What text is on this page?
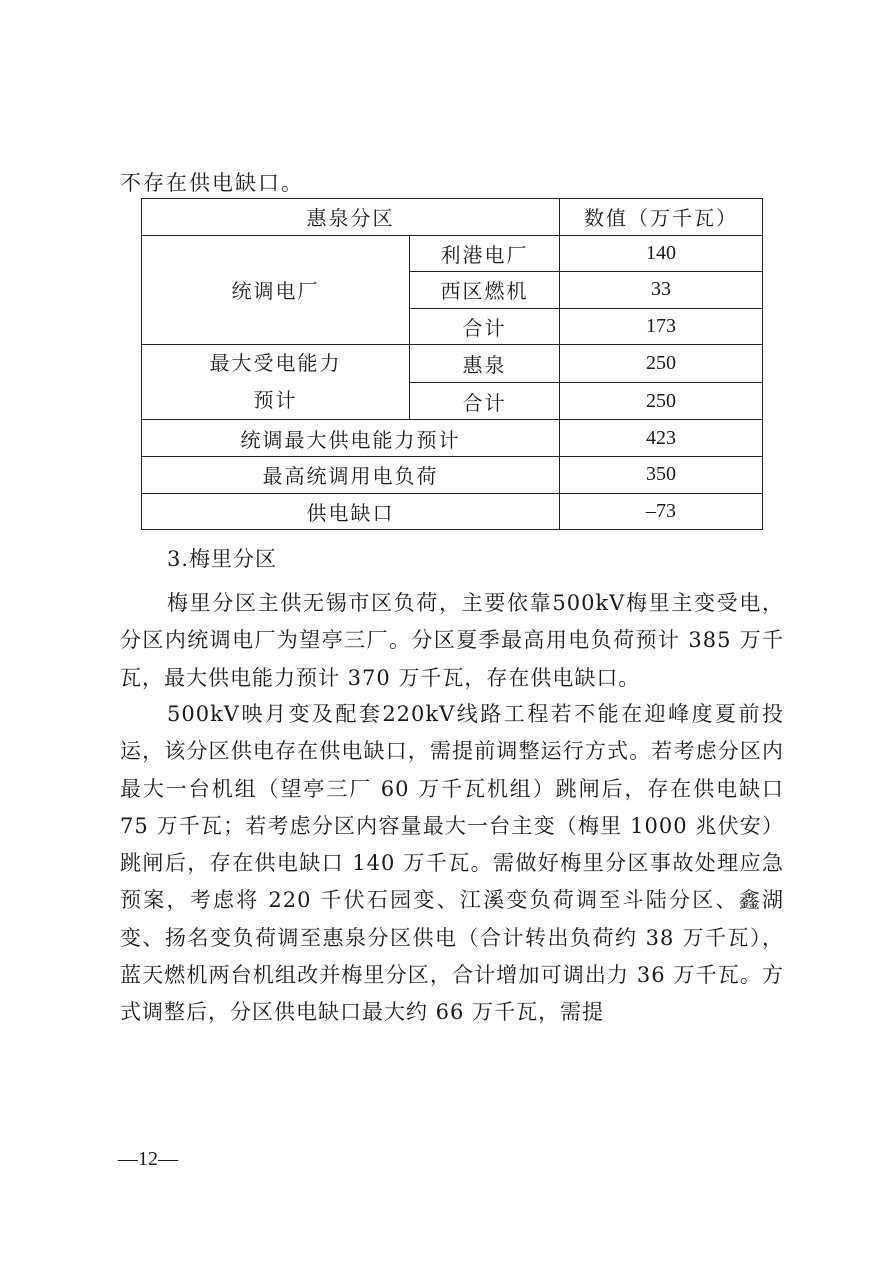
不存在供电缺口。
惠泉分区		数值（万千瓦）
统调电厂	利港电厂	140
	西区燃机	33
	合计	173

最大受电能力
预计	惠泉	250
	合计	250
统调最大供电能力预计		423
最高统调用电负荷		350
供电缺口		–73
3.梅里分区

梅里分区主供无锡市区负荷，主要依靠500kV梅里主变受电，分区内统调电厂为望亭三厂。分区夏季最高用电负荷预计 385 万千瓦，最大供电能力预计 370 万千瓦，存在供电缺口。

500kV映月变及配套220kV线路工程若不能在迎峰度夏前投运，该分区供电存在供电缺口，需提前调整运行方式。若考虑分区内最大一台机组（望亭三厂 60 万千瓦机组）跳闸后，存在供电缺口 75 万千瓦；若考虑分区内容量最大一台主变（梅里 1000 兆伏安）跳闸后，存在供电缺口 140 万千瓦。需做好梅里分区事故处理应急预案，考虑将 220 千伏石园变、江溪变负荷调至斗陆分区、鑫湖变、扬名变负荷调至惠泉分区供电（合计转出负荷约 38 万千瓦），蓝天燃机两台机组改并梅里分区，合计增加可调出力 36 万千瓦。方式调整后，分区供电缺口最大约 66 万千瓦，需提

—12—
